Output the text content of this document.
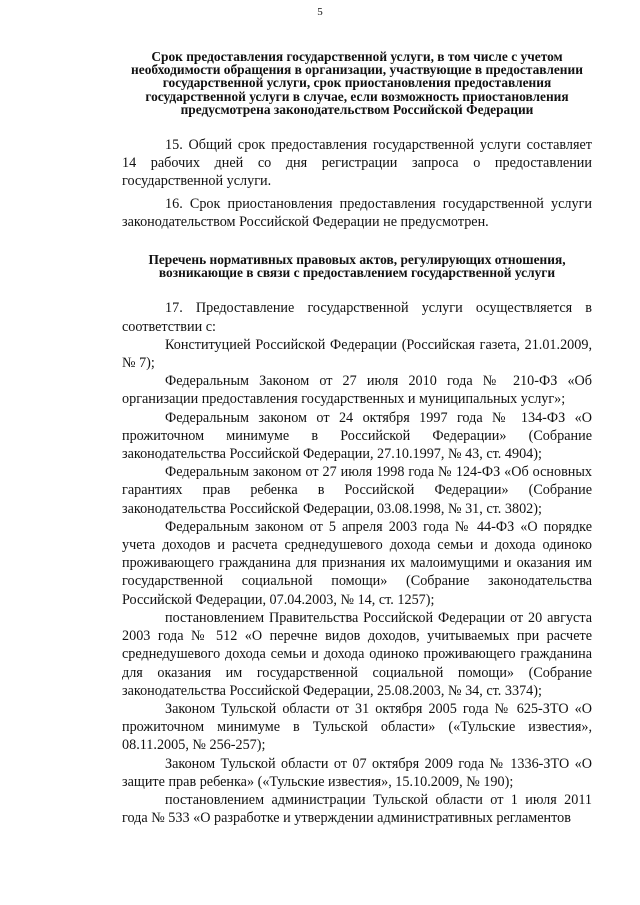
5
Срок предоставления государственной услуги, в том числе с учетом необходимости обращения в организации, участвующие в предоставлении государственной услуги, срок приостановления предоставления государственной услуги в случае, если возможность приостановления предусмотрена законодательством Российской Федерации

15. Общий срок предоставления государственной услуги составляет 14 рабочих дней со дня регистрации запроса о предоставлении государственной услуги.

16. Срок приостановления предоставления государственной услуги законодательством Российской Федерации не предусмотрен.

Перечень нормативных правовых актов, регулирующих отношения, возникающие в связи с предоставлением государственной услуги

17. Предоставление государственной услуги осуществляется в соответствии с:

Конституцией Российской Федерации (Российская газета, 21.01.2009, № 7);

Федеральным Законом от 27 июля 2010 года № 210-ФЗ «Об организации предоставления государственных и муниципальных услуг»;

Федеральным законом от 24 октября 1997 года № 134-ФЗ «О прожиточном минимуме в Российской Федерации» (Собрание законодательства Российской Федерации, 27.10.1997, № 43, ст. 4904);

Федеральным законом от 27 июля 1998 года № 124-ФЗ «Об основных гарантиях прав ребенка в Российской Федерации» (Собрание законодательства Российской Федерации, 03.08.1998, № 31, ст. 3802);

Федеральным законом от 5 апреля 2003 года № 44-ФЗ «О порядке учета доходов и расчета среднедушевого дохода семьи и дохода одиноко проживающего гражданина для признания их малоимущими и оказания им государственной социальной помощи» (Собрание законодательства Российской Федерации, 07.04.2003, № 14, ст. 1257);

постановлением Правительства Российской Федерации от 20 августа 2003 года № 512 «О перечне видов доходов, учитываемых при расчете среднедушевого дохода семьи и дохода одиноко проживающего гражданина для оказания им государственной социальной помощи» (Собрание законодательства Российской Федерации, 25.08.2003, № 34, ст. 3374);

Законом Тульской области от 31 октября 2005 года № 625-ЗТО «О прожиточном минимуме в Тульской области» («Тульские известия», 08.11.2005, № 256-257);

Законом Тульской области от 07 октября 2009 года № 1336-ЗТО «О защите прав ребенка» («Тульские известия», 15.10.2009, № 190);

постановлением администрации Тульской области от 1 июля 2011 года № 533 «О разработке и утверждении административных регламентов
